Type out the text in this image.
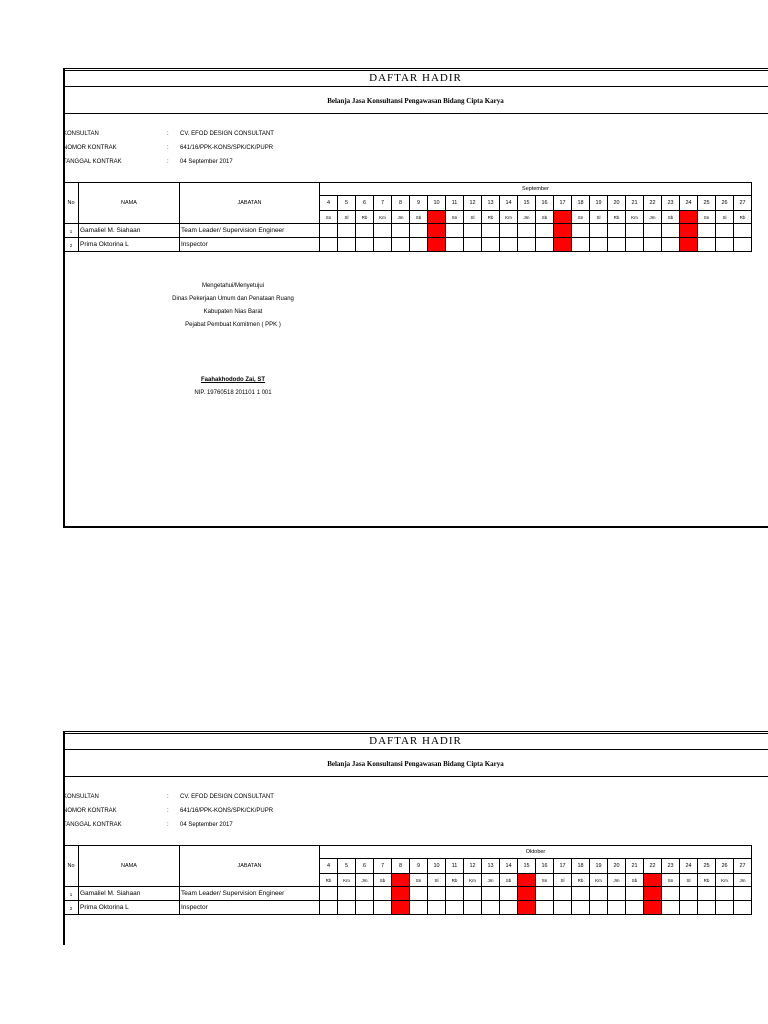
DAFTAR HADIR
Belanja Jasa Konsultansi Pengawasan Bidang Cipta Karya
KONSULTAN	: CV. EFOD DESIGN CONSULTANT
NOMOR KONTRAK	: 641/16/PPK-KONS/SPK/CK/PUPR
TANGGAL KONTRAK	: 04 September 2017
No	NAMA	JABATAN	September																							
			4	5	6	7	8	9	10	11	12	13	14	15	16	17	18	19	20	21	22	23	24	25	26	27
			Sn	Sl	Rb	Km	Jm	Sb	Mg	Sn	Sl	Rb	Km	Jm	Sb	Mg	Sn	Sl	Rb	Km	Jm	Sb	Mg	Sn	Sl	Rb
1	Gamaliel M. Siahaan	Team Leader/ Supervision Engineer																								
2	Prima Oktorina L	Inspector																								
Mengetahui/Menyetujui
Dinas Pekerjaan Umum dan Penataan Ruang
Kabupaten Nias Barat
Pejabat Pembuat Komitmen ( PPK )
Faahakhododo Zai, ST
NIP. 19760518 201101 1 001
DAFTAR HADIR
Belanja Jasa Konsultansi Pengawasan Bidang Cipta Karya
KONSULTAN	: CV. EFOD DESIGN CONSULTANT
NOMOR KONTRAK	: 641/16/PPK-KONS/SPK/CK/PUPR
TANGGAL KONTRAK	: 04 September 2017
No	NAMA	JABATAN	Oktober																							
			4	5	6	7	8	9	10	11	12	13	14	15	16	17	18	19	20	21	22	23	24	25	26	27
			Rb	Km	Jm	Sb	Mg	Sn	Sl	Rb	Km	Jm	Sb	Mg	Sn	Sl	Rb	Km	Jm	Sb	Mg	Sn	Sl	Rb	Km	Jm
1	Gamaliel M. Siahaan	Team Leader/ Supervision Engineer																								
2	Prima Oktorina L	Inspector																								
